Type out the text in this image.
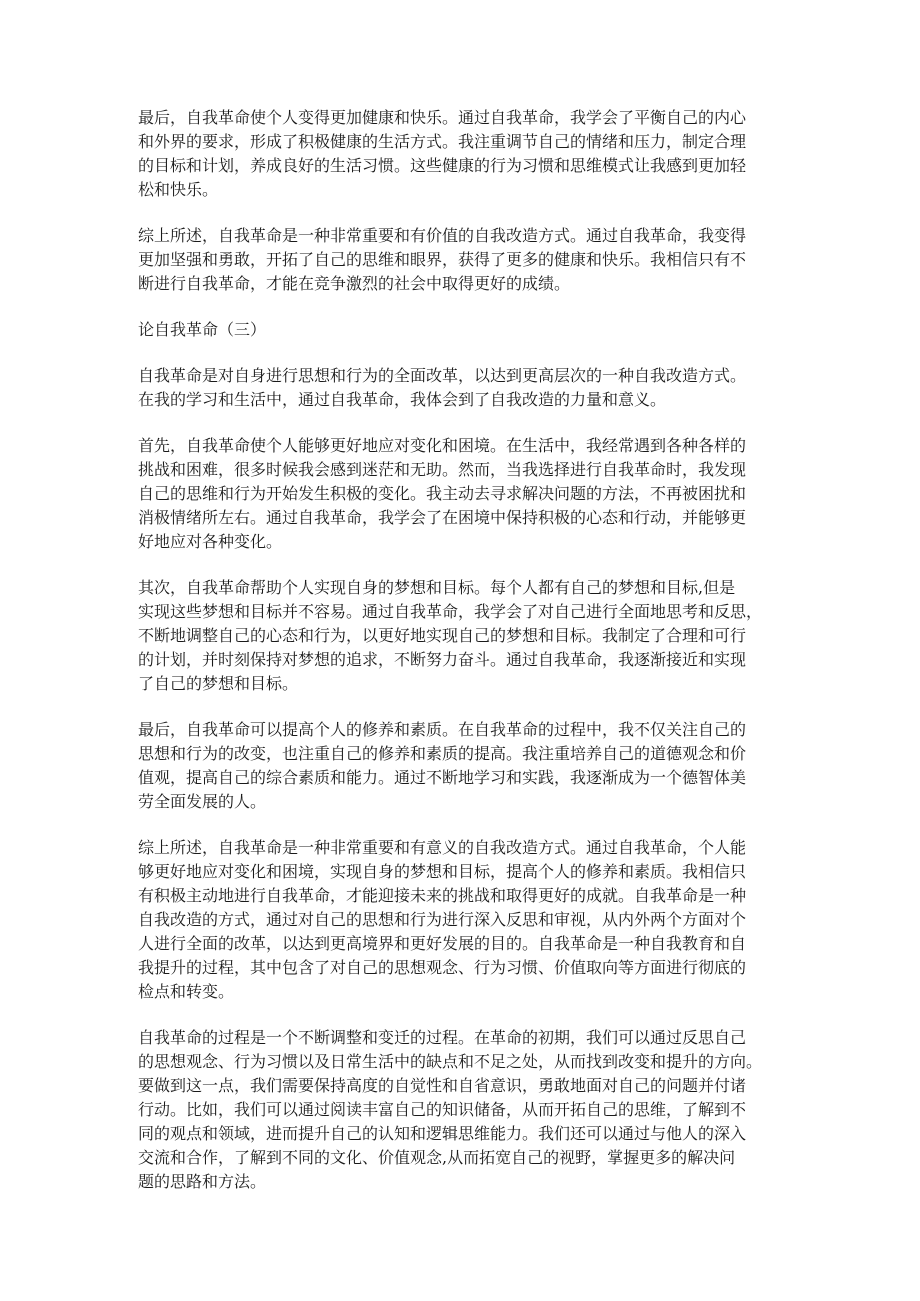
最后，自我革命使个人变得更加健康和快乐。通过自我革命，我学会了平衡自己的内心
和外界的要求，形成了积极健康的生活方式。我注重调节自己的情绪和压力，制定合理
的目标和计划，养成良好的生活习惯。这些健康的行为习惯和思维模式让我感到更加轻
松和快乐。

综上所述，自我革命是一种非常重要和有价值的自我改造方式。通过自我革命，我变得
更加坚强和勇敢，开拓了自己的思维和眼界，获得了更多的健康和快乐。我相信只有不
断进行自我革命，才能在竞争激烈的社会中取得更好的成绩。

论自我革命（三）

自我革命是对自身进行思想和行为的全面改革，以达到更高层次的一种自我改造方式。
在我的学习和生活中，通过自我革命，我体会到了自我改造的力量和意义。

首先，自我革命使个人能够更好地应对变化和困境。在生活中，我经常遇到各种各样的
挑战和困难，很多时候我会感到迷茫和无助。然而，当我选择进行自我革命时，我发现
自己的思维和行为开始发生积极的变化。我主动去寻求解决问题的方法，不再被困扰和
消极情绪所左右。通过自我革命，我学会了在困境中保持积极的心态和行动，并能够更
好地应对各种变化。

其次，自我革命帮助个人实现自身的梦想和目标。每个人都有自己的梦想和目标,但是
实现这些梦想和目标并不容易。通过自我革命，我学会了对自己进行全面地思考和反思，
不断地调整自己的心态和行为，以更好地实现自己的梦想和目标。我制定了合理和可行
的计划，并时刻保持对梦想的追求，不断努力奋斗。通过自我革命，我逐渐接近和实现
了自己的梦想和目标。

最后，自我革命可以提高个人的修养和素质。在自我革命的过程中，我不仅关注自己的
思想和行为的改变，也注重自己的修养和素质的提高。我注重培养自己的道德观念和价
值观，提高自己的综合素质和能力。通过不断地学习和实践，我逐渐成为一个德智体美
劳全面发展的人。

综上所述，自我革命是一种非常重要和有意义的自我改造方式。通过自我革命，个人能
够更好地应对变化和困境，实现自身的梦想和目标，提高个人的修养和素质。我相信只
有积极主动地进行自我革命，才能迎接未来的挑战和取得更好的成就。自我革命是一种
自我改造的方式，通过对自己的思想和行为进行深入反思和审视，从内外两个方面对个
人进行全面的改革，以达到更高境界和更好发展的目的。自我革命是一种自我教育和自
我提升的过程，其中包含了对自己的思想观念、行为习惯、价值取向等方面进行彻底的
检点和转变。

自我革命的过程是一个不断调整和变迁的过程。在革命的初期，我们可以通过反思自己
的思想观念、行为习惯以及日常生活中的缺点和不足之处，从而找到改变和提升的方向。
要做到这一点，我们需要保持高度的自觉性和自省意识，勇敢地面对自己的问题并付诸
行动。比如，我们可以通过阅读丰富自己的知识储备，从而开拓自己的思维，了解到不
同的观点和领域，进而提升自己的认知和逻辑思维能力。我们还可以通过与他人的深入
交流和合作，了解到不同的文化、价值观念,从而拓宽自己的视野，掌握更多的解决问
题的思路和方法。
